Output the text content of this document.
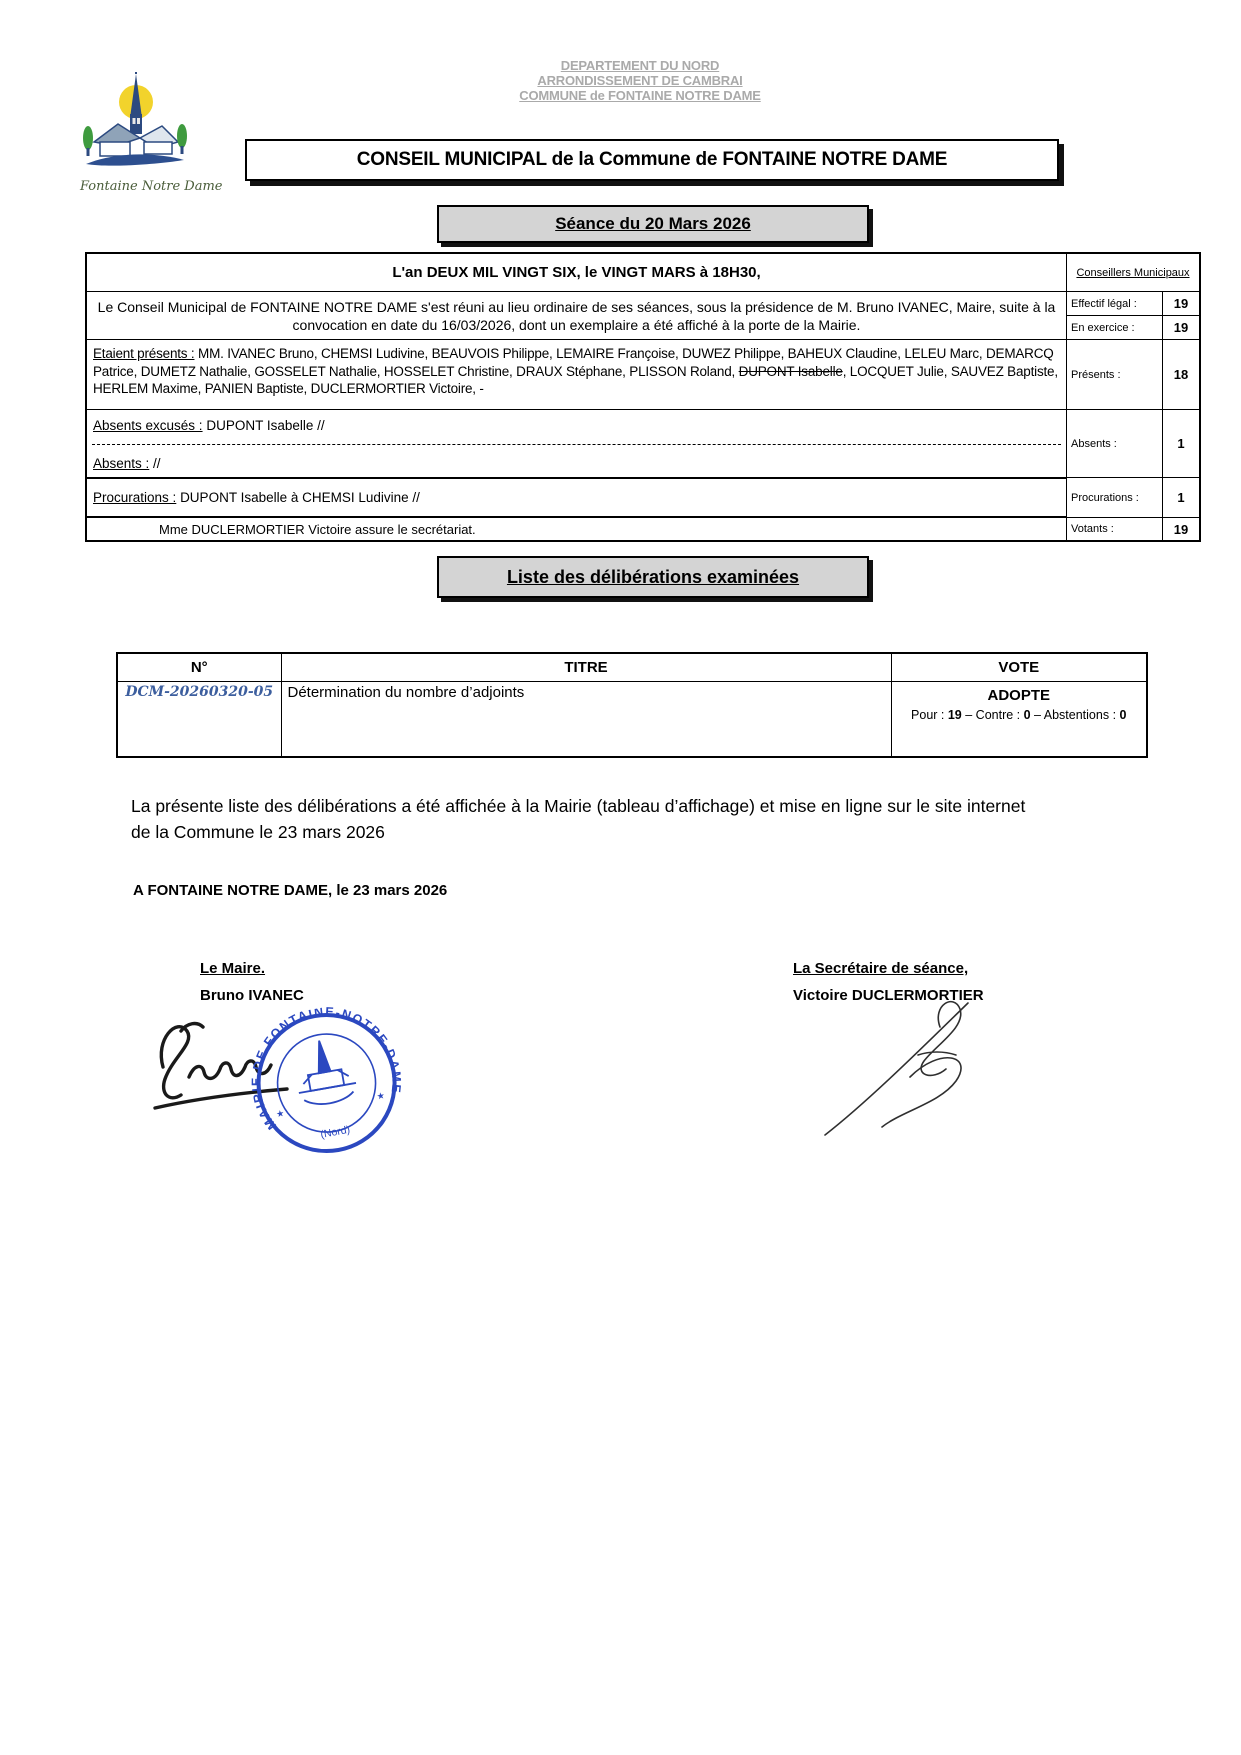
DEPARTEMENT DU NORD
ARRONDISSEMENT DE CAMBRAI
COMMUNE de FONTAINE NOTRE DAME
Fontaine Notre Dame
CONSEIL MUNICIPAL de la Commune de FONTAINE NOTRE DAME
Séance du 20 Mars 2026
L'an DEUX MIL VINGT SIX, le VINGT MARS à 18H30,
Le Conseil Municipal de FONTAINE NOTRE DAME s'est réuni au lieu ordinaire de ses séances, sous la présidence de M. Bruno IVANEC, Maire, suite à la convocation en date du 16/03/2026, dont un exemplaire a été affiché à la porte de la Mairie.
Etaient présents : MM. IVANEC Bruno, CHEMSI Ludivine, BEAUVOIS Philippe, LEMAIRE Françoise, DUWEZ Philippe, BAHEUX Claudine, LELEU Marc, DEMARCQ Patrice, DUMETZ Nathalie, GOSSELET Nathalie, HOSSELET Christine, DRAUX Stéphane, PLISSON Roland, DUPONT Isabelle, LOCQUET Julie, SAUVEZ Baptiste, HERLEM Maxime, PANIEN Baptiste, DUCLERMORTIER Victoire, -
Absents excusés : DUPONT Isabelle //
Absents : //
Procurations : DUPONT Isabelle à CHEMSI Ludivine //
Mme DUCLERMORTIER Victoire assure le secrétariat.
Conseillers Municipaux
Effectif légal :	19
En exercice :	19
Présents :	18
Absents :	1
Procurations :	1
Votants :	19
Liste des délibérations examinées
N°	TITRE	VOTE
DCM-20260320-05	Détermination du nombre d’adjoints	ADOPTE
Pour : 19 – Contre : 0 – Abstentions : 0
La présente liste des délibérations a été affichée à la Mairie (tableau d’affichage) et mise en ligne sur le site internet de la Commune le 23 mars 2026
A FONTAINE NOTRE DAME, le 23 mars 2026
Le Maire.
Bruno IVANEC
La Secrétaire de séance,
Victoire DUCLERMORTIER
MAIRIE DE FONTAINE-NOTRE-DAME
(Nord)
★
★
